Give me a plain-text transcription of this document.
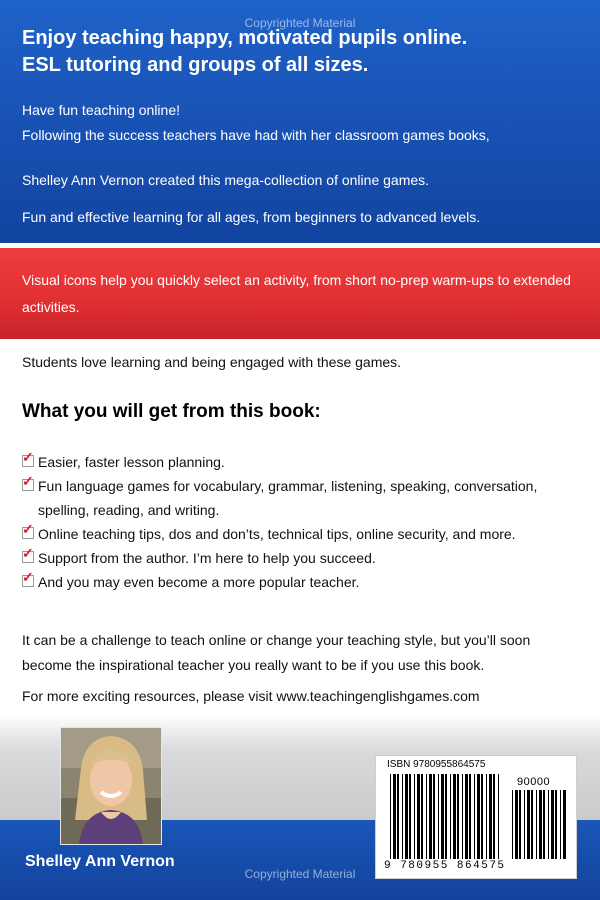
Copyrighted Material
Enjoy teaching happy, motivated pupils online.
ESL tutoring and groups of all sizes.

Have fun teaching online!

Following the success teachers have had with her classroom games books,

Shelley Ann Vernon created this mega-collection of online games.

Fun and effective learning for all ages, from beginners to advanced levels.

Visual icons help you quickly select an activity, from short no-prep warm-ups to extended activities.

Students love learning and being engaged with these games.

What you will get from this book:
✓ Easier, faster lesson planning.
✓ Fun language games for vocabulary, grammar, listening, speaking, conversation, spelling, reading, and writing.
✓ Online teaching tips, dos and don’ts, technical tips, online security, and more.
✓ Support from the author. I’m here to help you succeed.
✓ And you may even become a more popular teacher.

It can be a challenge to teach online or change your teaching style, but you’ll soon become the inspirational teacher you really want to be if you use this book.

For more exciting resources, please visit www.teachingenglishgames.com

Shelley Ann Vernon

ISBN 9780955864575
90000
9 780955 864575
Copyrighted Material
